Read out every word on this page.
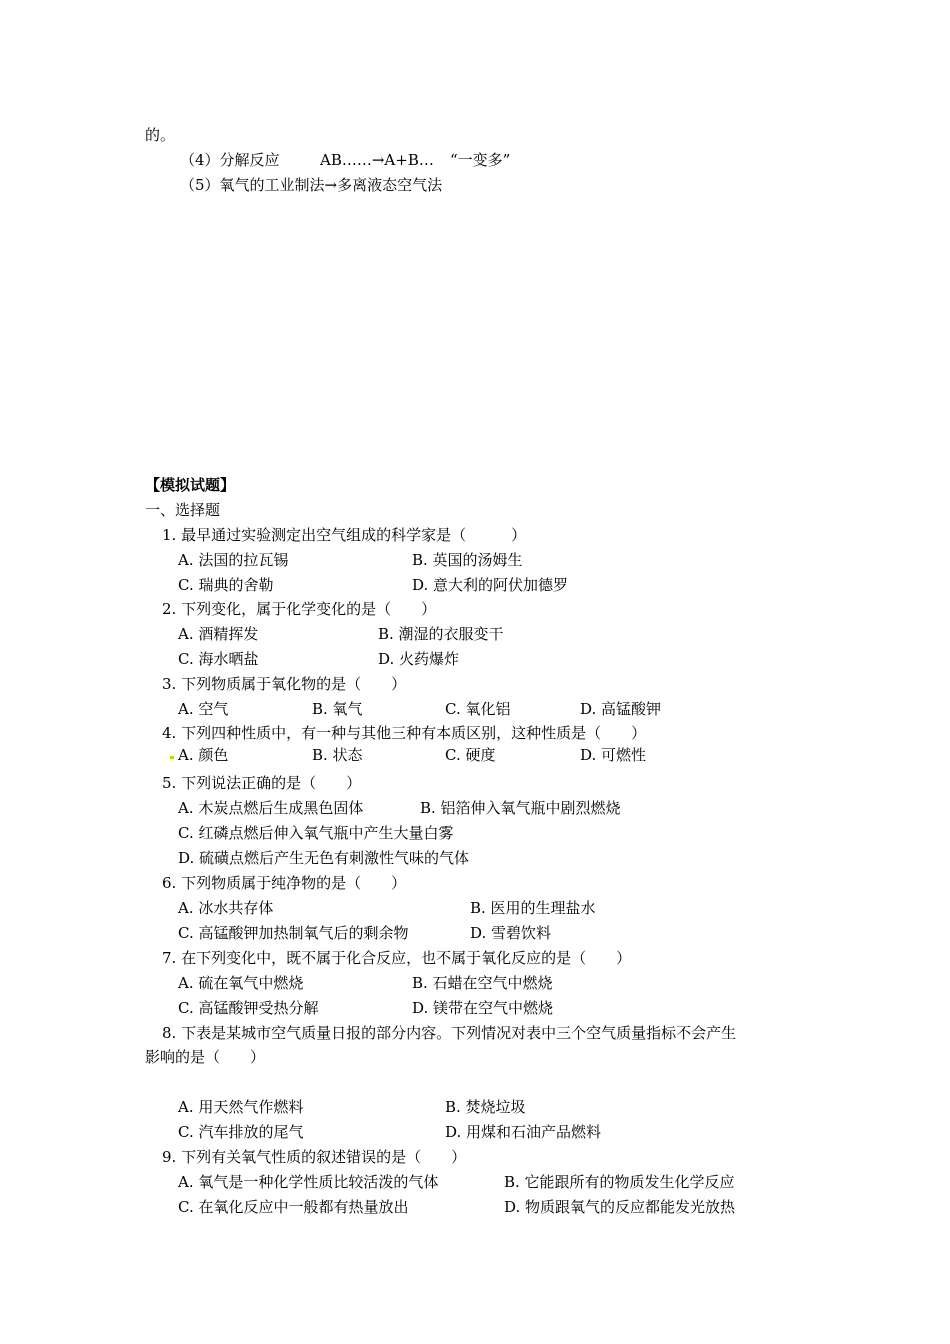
的。
（4）分解反应	AB……→A+B… “一变多”
（5）氧气的工业制法→多离液态空气法
【模拟试题】
一、选择题
1. 最早通过实验测定出空气组成的科学家是（　　　）
A. 法国的拉瓦锡	B. 英国的汤姆生
C. 瑞典的舍勒	D. 意大利的阿伏加德罗
2. 下列变化，属于化学变化的是（　　）
A. 酒精挥发	B. 潮湿的衣服变干
C. 海水晒盐	D. 火药爆炸
3. 下列物质属于氧化物的是（　　）
A. 空气	B. 氧气	C. 氧化铝	D. 高锰酸钾
4. 下列四种性质中，有一种与其他三种有本质区别，这种性质是（　　）
A. 颜色	B. 状态	C. 硬度	D. 可燃性
5. 下列说法正确的是（　　）
A. 木炭点燃后生成黑色固体	B. 铝箔伸入氧气瓶中剧烈燃烧
C. 红磷点燃后伸入氧气瓶中产生大量白雾
D. 硫磺点燃后产生无色有刺激性气味的气体
6. 下列物质属于纯净物的是（　　）
A. 冰水共存体	B. 医用的生理盐水
C. 高锰酸钾加热制氧气后的剩余物	D. 雪碧饮料
7. 在下列变化中，既不属于化合反应，也不属于氧化反应的是（　　）
A. 硫在氧气中燃烧	B. 石蜡在空气中燃烧
C. 高锰酸钾受热分解	D. 镁带在空气中燃烧
8. 下表是某城市空气质量日报的部分内容。下列情况对表中三个空气质量指标不会产生
影响的是（　　）
A. 用天然气作燃料	B. 焚烧垃圾
C. 汽车排放的尾气	D. 用煤和石油产品燃料
9. 下列有关氧气性质的叙述错误的是（　　）
A. 氧气是一种化学性质比较活泼的气体	B. 它能跟所有的物质发生化学反应
C. 在氧化反应中一般都有热量放出	D. 物质跟氧气的反应都能发光放热
